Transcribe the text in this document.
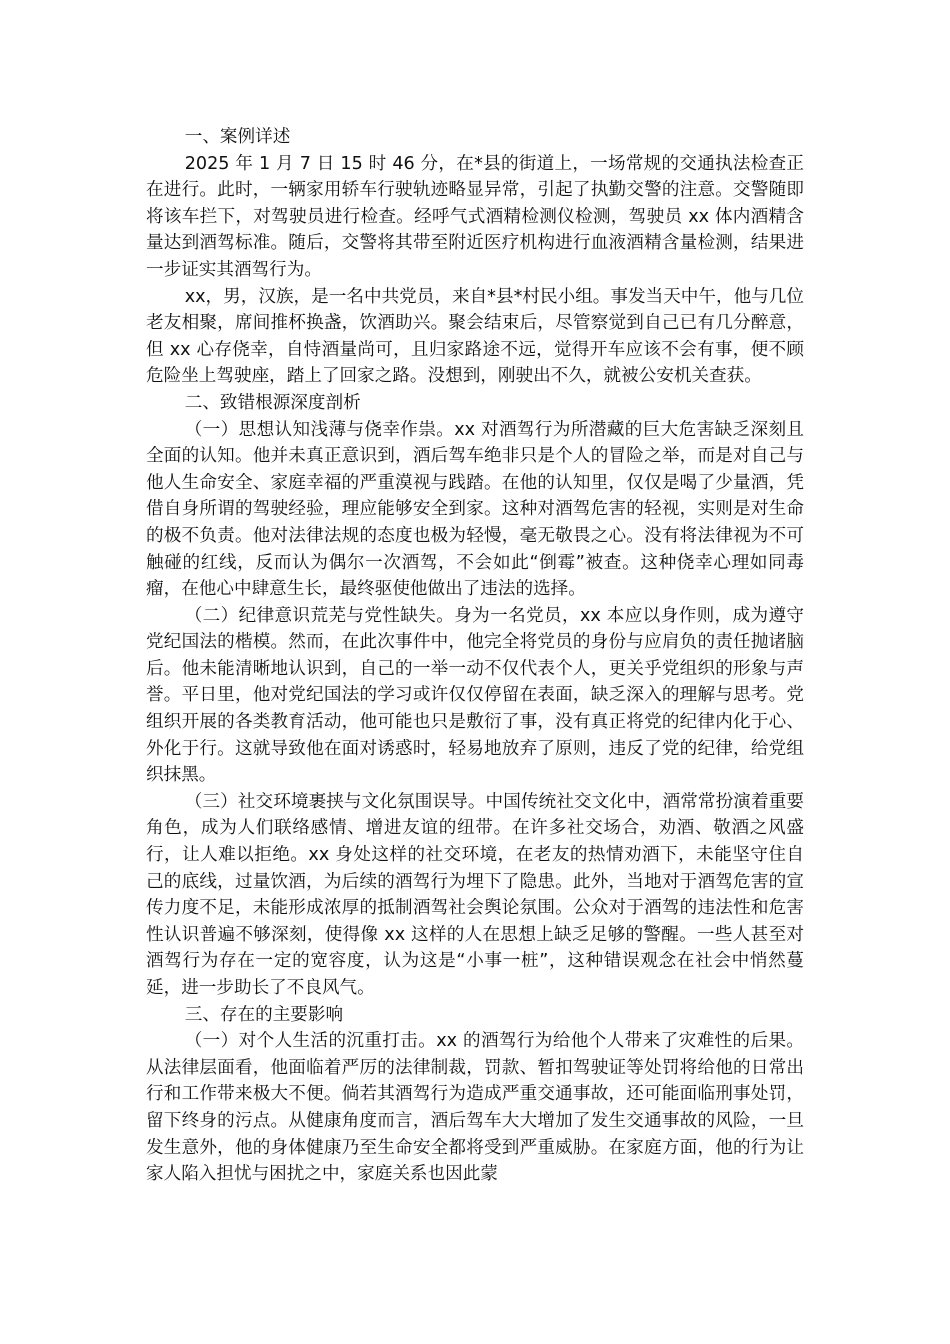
一、案例详述

2025 年 1 月 7 日 15 时 46 分，在*县的街道上，一场常规的交通执法检查正在进行。此时，一辆家用轿车行驶轨迹略显异常，引起了执勤交警的注意。交警随即将该车拦下，对驾驶员进行检查。经呼气式酒精检测仪检测，驾驶员 xx 体内酒精含量达到酒驾标准。随后，交警将其带至附近医疗机构进行血液酒精含量检测，结果进一步证实其酒驾行为。

xx，男，汉族，是一名中共党员，来自*县*村民小组。事发当天中午，他与几位老友相聚，席间推杯换盏，饮酒助兴。聚会结束后，尽管察觉到自己已有几分醉意，但 xx 心存侥幸，自恃酒量尚可，且归家路途不远，觉得开车应该不会有事，便不顾危险坐上驾驶座，踏上了回家之路。没想到，刚驶出不久，就被公安机关查获。

二、致错根源深度剖析

（一）思想认知浅薄与侥幸作祟。xx 对酒驾行为所潜藏的巨大危害缺乏深刻且全面的认知。他并未真正意识到，酒后驾车绝非只是个人的冒险之举，而是对自己与他人生命安全、家庭幸福的严重漠视与践踏。在他的认知里，仅仅是喝了少量酒，凭借自身所谓的驾驶经验，理应能够安全到家。这种对酒驾危害的轻视，实则是对生命的极不负责。他对法律法规的态度也极为轻慢，毫无敬畏之心。没有将法律视为不可触碰的红线，反而认为偶尔一次酒驾，不会如此“倒霉”被查。这种侥幸心理如同毒瘤，在他心中肆意生长，最终驱使他做出了违法的选择。

（二）纪律意识荒芜与党性缺失。身为一名党员，xx 本应以身作则，成为遵守党纪国法的楷模。然而，在此次事件中，他完全将党员的身份与应肩负的责任抛诸脑后。他未能清晰地认识到，自己的一举一动不仅代表个人，更关乎党组织的形象与声誉。平日里，他对党纪国法的学习或许仅仅停留在表面，缺乏深入的理解与思考。党组织开展的各类教育活动，他可能也只是敷衍了事，没有真正将党的纪律内化于心、外化于行。这就导致他在面对诱惑时，轻易地放弃了原则，违反了党的纪律，给党组织抹黑。

（三）社交环境裹挟与文化氛围误导。中国传统社交文化中，酒常常扮演着重要角色，成为人们联络感情、增进友谊的纽带。在许多社交场合，劝酒、敬酒之风盛行，让人难以拒绝。xx 身处这样的社交环境，在老友的热情劝酒下，未能坚守住自己的底线，过量饮酒，为后续的酒驾行为埋下了隐患。此外，当地对于酒驾危害的宣传力度不足，未能形成浓厚的抵制酒驾社会舆论氛围。公众对于酒驾的违法性和危害性认识普遍不够深刻，使得像 xx 这样的人在思想上缺乏足够的警醒。一些人甚至对酒驾行为存在一定的宽容度，认为这是“小事一桩”，这种错误观念在社会中悄然蔓延，进一步助长了不良风气。

三、存在的主要影响

（一）对个人生活的沉重打击。xx 的酒驾行为给他个人带来了灾难性的后果。从法律层面看，他面临着严厉的法律制裁，罚款、暂扣驾驶证等处罚将给他的日常出行和工作带来极大不便。倘若其酒驾行为造成严重交通事故，还可能面临刑事处罚，留下终身的污点。从健康角度而言，酒后驾车大大增加了发生交通事故的风险，一旦发生意外，他的身体健康乃至生命安全都将受到严重威胁。在家庭方面，他的行为让家人陷入担忧与困扰之中，家庭关系也因此蒙
